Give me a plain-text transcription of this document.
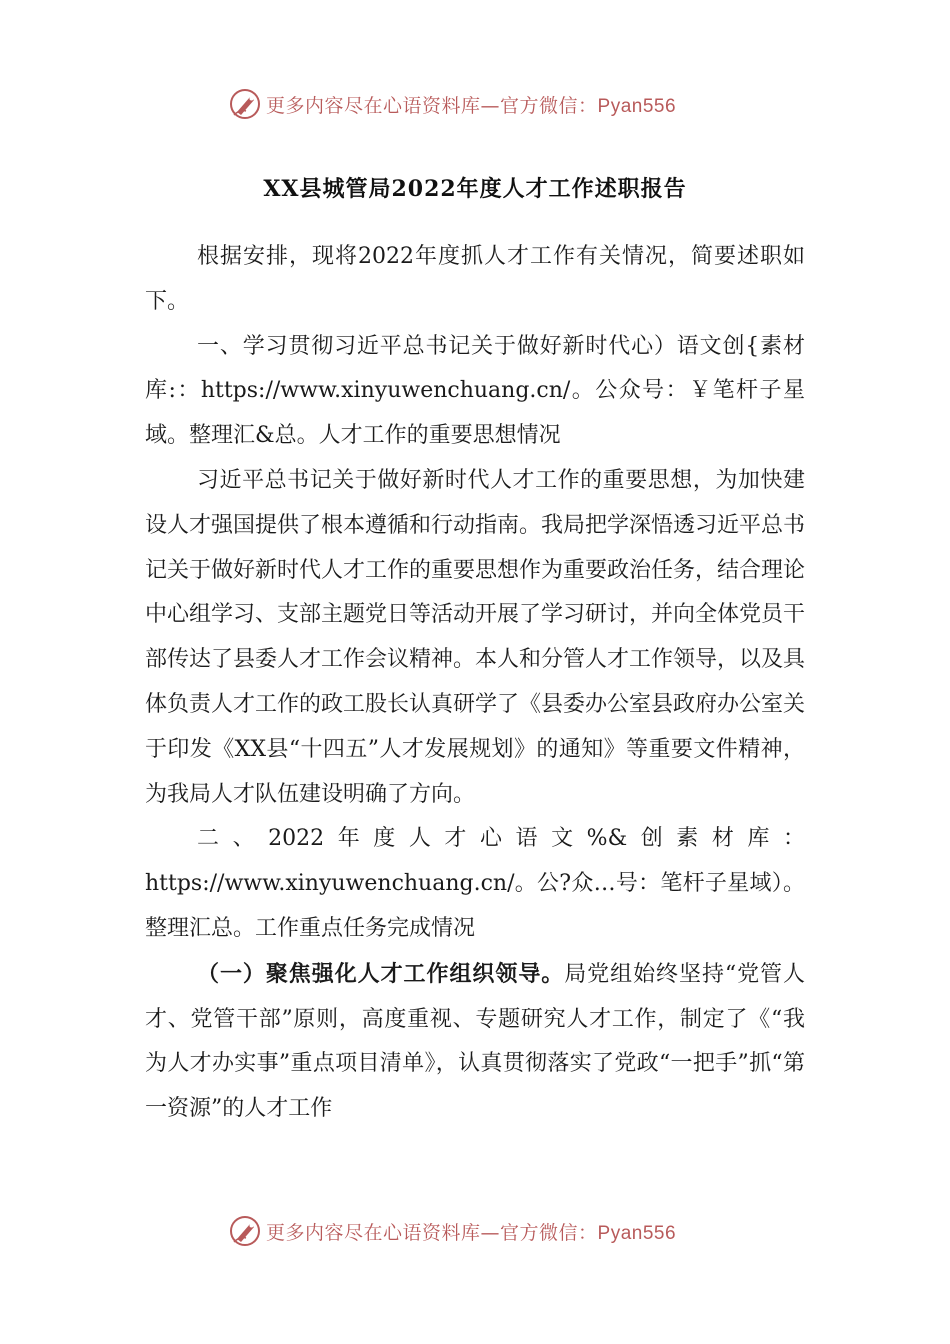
更多内容尽在心语资料库—官方微信：Pyan556
XX县城管局2022年度人才工作述职报告

根据安排，现将2022年度抓人才工作有关情况，简要述职如下。

一、学习贯彻习近平总书记关于做好新时代心）语文创{素材库:：https://www.xinyuwenchuang.cn/。公众号：￥笔杆子星域。整理汇&总。人才工作的重要思想情况

习近平总书记关于做好新时代人才工作的重要思想，为加快建设人才强国提供了根本遵循和行动指南。我局把学深悟透习近平总书记关于做好新时代人才工作的重要思想作为重要政治任务，结合理论中心组学习、支部主题党日等活动开展了学习研讨，并向全体党员干部传达了县委人才工作会议精神。本人和分管人才工作领导，以及具体负责人才工作的政工股长认真研学了《县委办公室县政府办公室关于印发《XX县“十四五”人才发展规划》的通知》等重要文件精神，为我局人才队伍建设明确了方向。

二、2022年度人才心语文%&创素材库：https://www.xinyuwenchuang.cn/。公?众…号：笔杆子星域）。整理汇总。工作重点任务完成情况

（一）聚焦强化人才工作组织领导。局党组始终坚持“党管人才、党管干部”原则，高度重视、专题研究人才工作，制定了《“我为人才办实事”重点项目清单》，认真贯彻落实了党政“一把手”抓“第一资源”的人才工作

更多内容尽在心语资料库—官方微信：Pyan556
